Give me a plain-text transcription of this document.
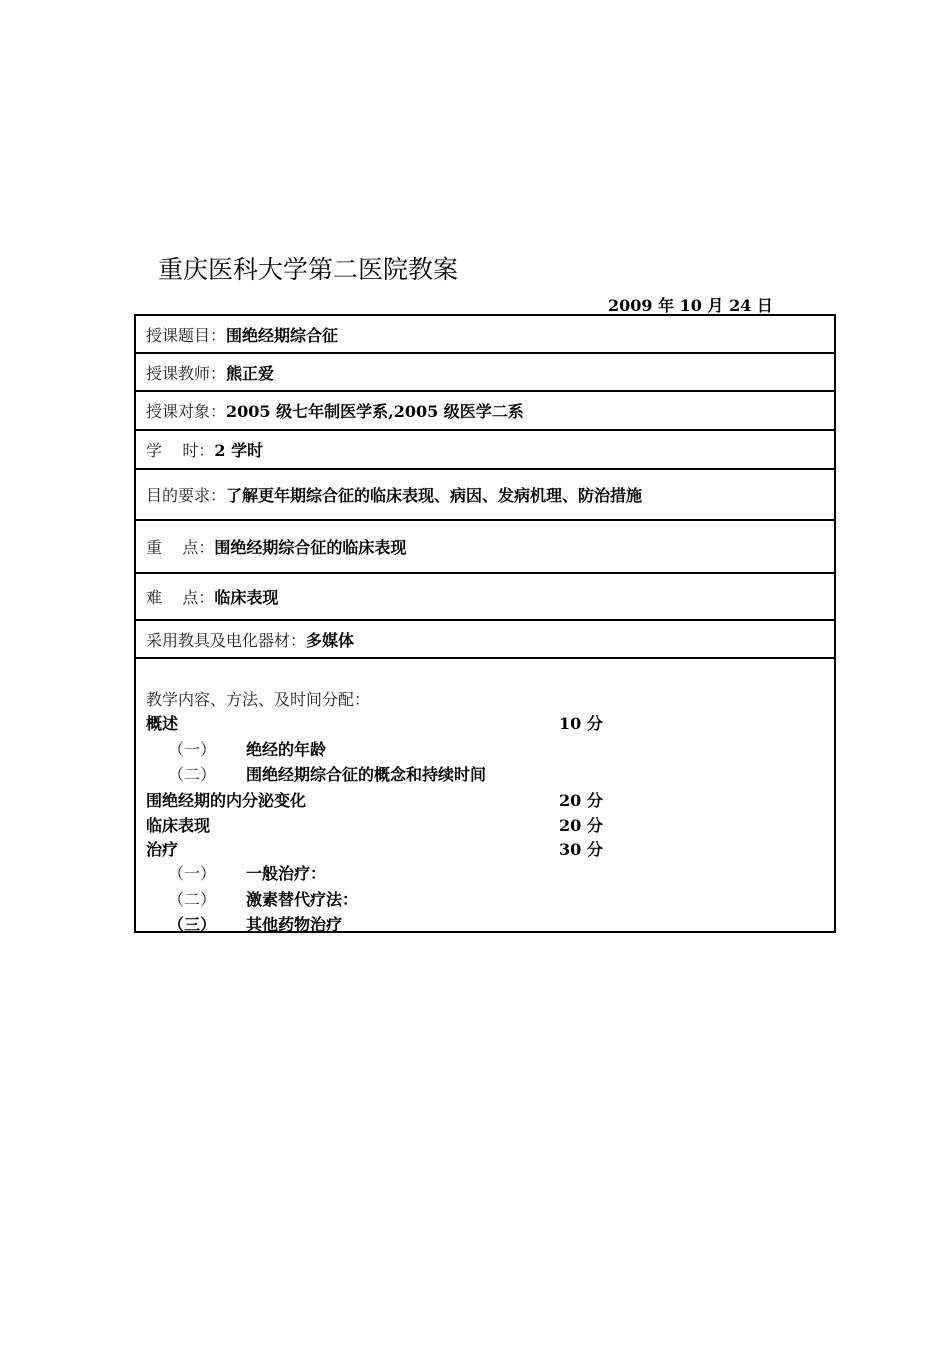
重庆医科大学第二医院教案
2009 年 10 月 24 日
授课题目： 围绝经期综合征
授课教师： 熊正爱
授课对象： 2005 级七年制医学系,2005 级医学二系
学    时： 2 学时
目的要求： 了解更年期综合征的临床表现、病因、发病机理、防治措施
重    点： 围绝经期综合征的临床表现
难    点： 临床表现
采用教具及电化器材： 多媒体
教学内容、方法、及时间分配：
概述	10 分
（一） 绝经的年龄
（二） 围绝经期综合征的概念和持续时间
围绝经期的内分泌变化	20 分
临床表现	20 分
治疗	30 分
（一） 一般治疗：
（二） 激素替代疗法：
（三） 其他药物治疗
